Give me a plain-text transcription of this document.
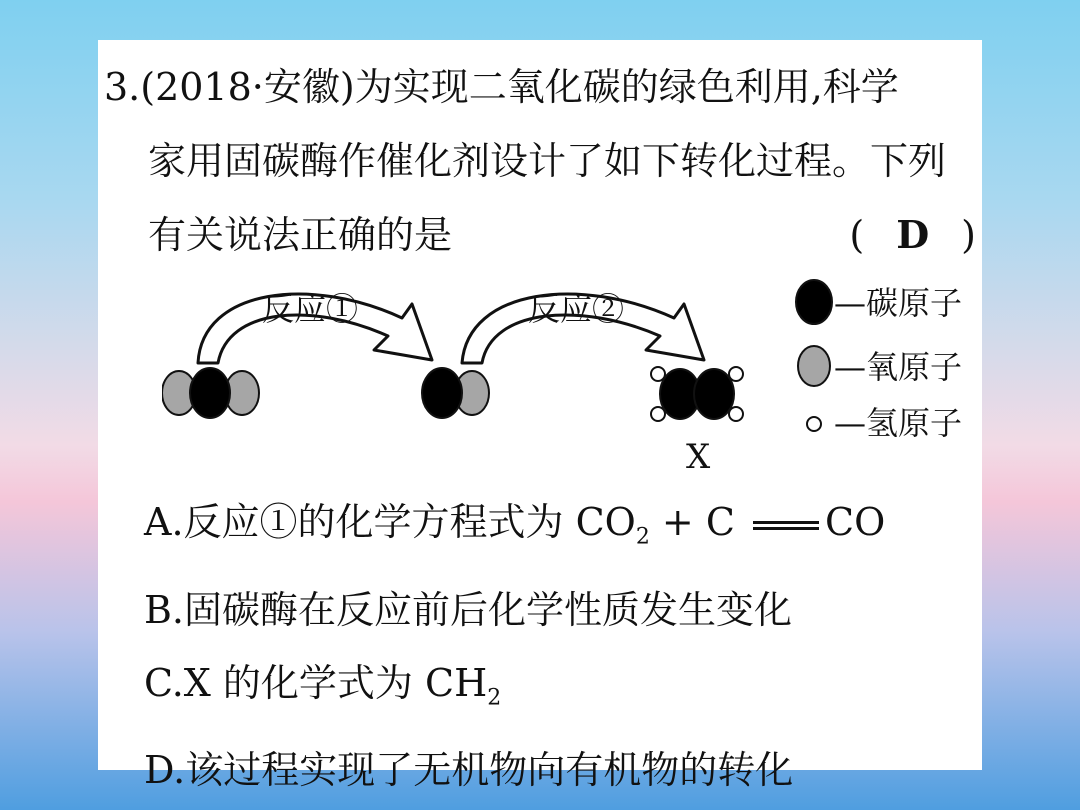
3.(2018·安徽)为实现二氧化碳的绿色利用,科学
家用固碳酶作催化剂设计了如下转化过程。下列
有关说法正确的是	( D )
反应①	反应②
X
—碳原子
—氧原子
—氢原子
A.反应①的化学方程式为 $CO_2 + C$ CO
B.固碳酶在反应前后化学性质发生变化
C.X 的化学式为 $CH_2$
D.该过程实现了无机物向有机物的转化
